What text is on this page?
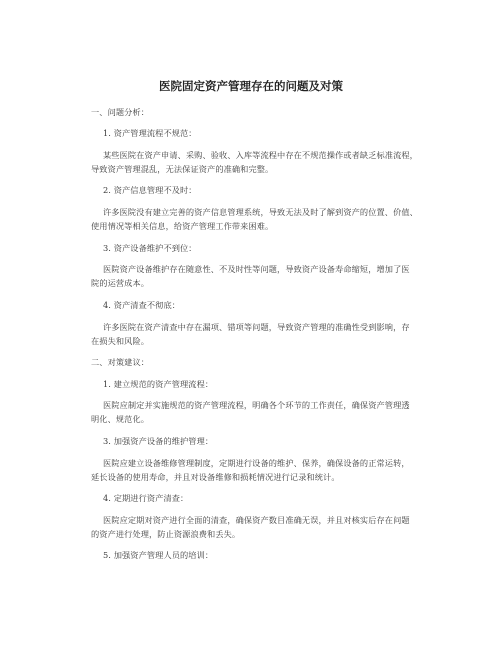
医院固定资产管理存在的问题及对策
一、问题分析：
1. 资产管理流程不规范：
某些医院在资产申请、采购、验收、入库等流程中存在不规范操作或者缺乏标准流程，
导致资产管理混乱，无法保证资产的准确和完整。
2. 资产信息管理不及时：
许多医院没有建立完善的资产信息管理系统，导致无法及时了解到资产的位置、价值、
使用情况等相关信息，给资产管理工作带来困难。
3. 资产设备维护不到位：
医院资产设备维护存在随意性、不及时性等问题，导致资产设备寿命缩短，增加了医
院的运营成本。
4. 资产清查不彻底：
许多医院在资产清查中存在漏项、错项等问题，导致资产管理的准确性受到影响，存
在损失和风险。
二、对策建议：
1. 建立规范的资产管理流程：
医院应制定并实施规范的资产管理流程，明确各个环节的工作责任，确保资产管理透
明化、规范化。
3. 加强资产设备的维护管理：
医院应建立设备维修管理制度，定期进行设备的维护、保养，确保设备的正常运转，
延长设备的使用寿命，并且对设备维修和损耗情况进行记录和统计。
4. 定期进行资产清查：
医院应定期对资产进行全面的清查，确保资产数目准确无误，并且对核实后存在问题
的资产进行处理，防止资源浪费和丢失。
5. 加强资产管理人员的培训：
